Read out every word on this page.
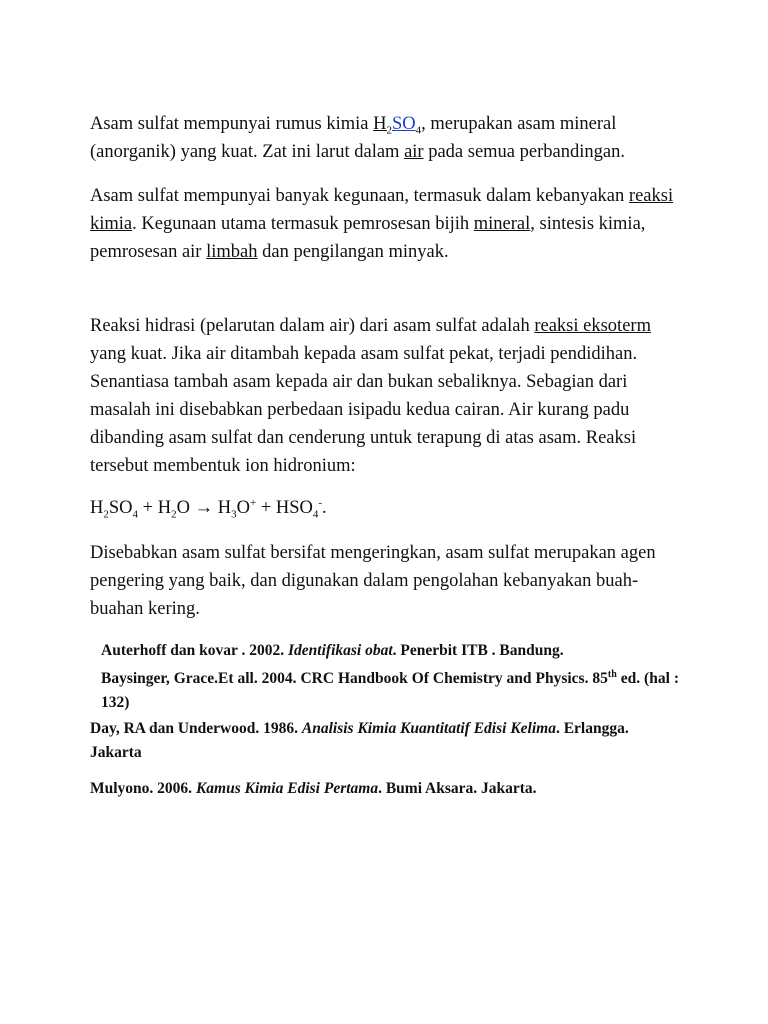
Asam sulfat mempunyai rumus kimia $H_2SO_4$, merupakan asam mineral (anorganik) yang kuat. Zat ini larut dalam air pada semua perbandingan.

Asam sulfat mempunyai banyak kegunaan, termasuk dalam kebanyakan reaksi kimia. Kegunaan utama termasuk pemrosesan bijih mineral, sintesis kimia, pemrosesan air limbah dan pengilangan minyak.

Reaksi hidrasi (pelarutan dalam air) dari asam sulfat adalah reaksi eksoterm yang kuat. Jika air ditambah kepada asam sulfat pekat, terjadi pendidihan. Senantiasa tambah asam kepada air dan bukan sebaliknya. Sebagian dari masalah ini disebabkan perbedaan isipadu kedua cairan. Air kurang padu dibanding asam sulfat dan cenderung untuk terapung di atas asam. Reaksi tersebut membentuk ion hidronium:

$H_2SO_4 + H_2O \to H_3O^+ + HSO_4^-$.

Disebabkan asam sulfat bersifat mengeringkan, asam sulfat merupakan agen pengering yang baik, dan digunakan dalam pengolahan kebanyakan buah-buahan kering.

Auterhoff dan kovar . 2002. Identifikasi obat. Penerbit ITB . Bandung.
Baysinger, Grace.Et all. 2004. CRC Handbook Of Chemistry and Physics. 85th ed. (hal : 132)
Day, RA dan Underwood. 1986. Analisis Kimia Kuantitatif Edisi Kelima. Erlangga. Jakarta
Mulyono. 2006. Kamus Kimia Edisi Pertama. Bumi Aksara. Jakarta.
